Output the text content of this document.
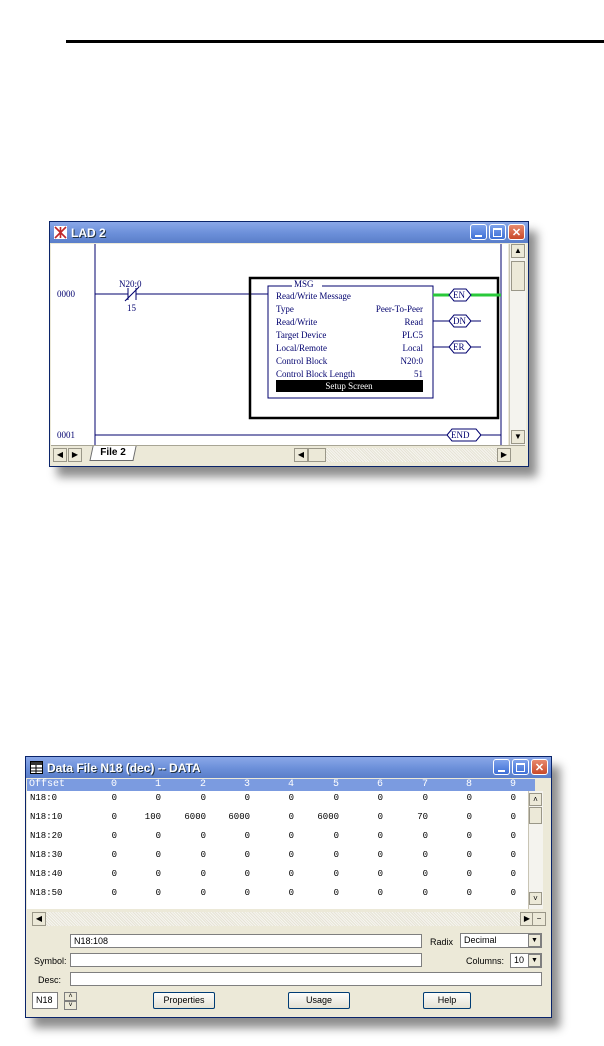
LAD 2	✕
0000
N20:0
15
MSG
Read/Write Message
Type	Peer-To-Peer
Read/Write	Read
Target Device	PLC5
Local/Remote	Local
Control Block	N20:0
Control Block Length	51
Setup Screen
EN
DN
ER
0001	END
▲
▼
◀	▶	File 2	◀	▶
Data File N18 (dec) -- DATA	✕
Offset	0	1	2	3	4	5	6	7	8	9
N18:0	0	0	0	0	0	0	0	0	0	0
N18:10	0	100	6000	6000	0	6000	0	70	0	0
N18:20	0	0	0	0	0	0	0	0	0	0
N18:30	0	0	0	0	0	0	0	0	0	0
N18:40	0	0	0	0	0	0	0	0	0	0
N18:50	0	0	0	0	0	0	0	0	0	0
˄
˅
◀	▶ −
N18:108	Radix	Decimal	▼
Symbol:	Columns:	10	▼
Desc:
N18	˄
˅
Properties	Usage	Help
